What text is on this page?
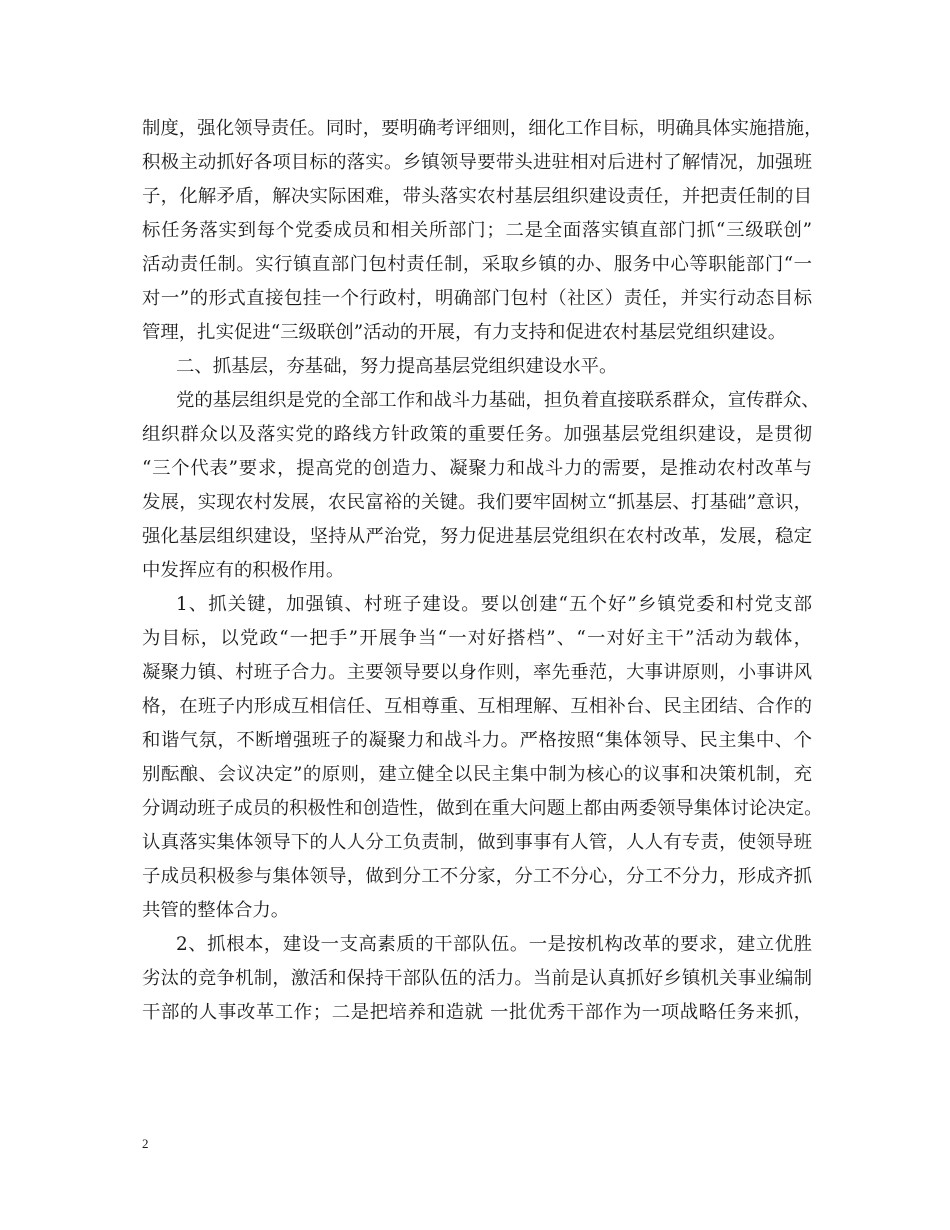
制度，强化领导责任。同时，要明确考评细则，细化工作目标，明确具体实施措施，
积极主动抓好各项目标的落实。乡镇领导要带头进驻相对后进村了解情况，加强班
子，化解矛盾，解决实际困难，带头落实农村基层组织建设责任，并把责任制的目
标任务落实到每个党委成员和相关所部门；二是全面落实镇直部门抓“三级联创”
活动责任制。实行镇直部门包村责任制，采取乡镇的办、服务中心等职能部门“一
对一”的形式直接包挂一个行政村，明确部门包村（社区）责任，并实行动态目标
管理，扎实促进“三级联创”活动的开展，有力支持和促进农村基层党组织建设。
二、抓基层，夯基础，努力提高基层党组织建设水平。
党的基层组织是党的全部工作和战斗力基础，担负着直接联系群众，宣传群众、
组织群众以及落实党的路线方针政策的重要任务。加强基层党组织建设，是贯彻
“三个代表”要求，提高党的创造力、凝聚力和战斗力的需要，是推动农村改革与
发展，实现农村发展，农民富裕的关键。我们要牢固树立“抓基层、打基础”意识，
强化基层组织建设，坚持从严治党，努力促进基层党组织在农村改革，发展，稳定
中发挥应有的积极作用。
1、抓关键，加强镇、村班子建设。要以创建“五个好”乡镇党委和村党支部
为目标，以党政“一把手”开展争当“一对好搭档”、“一对好主干”活动为载体，
凝聚力镇、村班子合力。主要领导要以身作则，率先垂范，大事讲原则，小事讲风
格，在班子内形成互相信任、互相尊重、互相理解、互相补台、民主团结、合作的
和谐气氛，不断增强班子的凝聚力和战斗力。严格按照“集体领导、民主集中、个
别酝酿、会议决定”的原则，建立健全以民主集中制为核心的议事和决策机制，充
分调动班子成员的积极性和创造性，做到在重大问题上都由两委领导集体讨论决定。
认真落实集体领导下的人人分工负责制，做到事事有人管，人人有专责，使领导班
子成员积极参与集体领导，做到分工不分家，分工不分心，分工不分力，形成齐抓
共管的整体合力。
2、抓根本，建设一支高素质的干部队伍。一是按机构改革的要求，建立优胜
劣汰的竞争机制，激活和保持干部队伍的活力。当前是认真抓好乡镇机关事业编制
干部的人事改革工作；二是把培养和造就 一批优秀干部作为一项战略任务来抓，
2
